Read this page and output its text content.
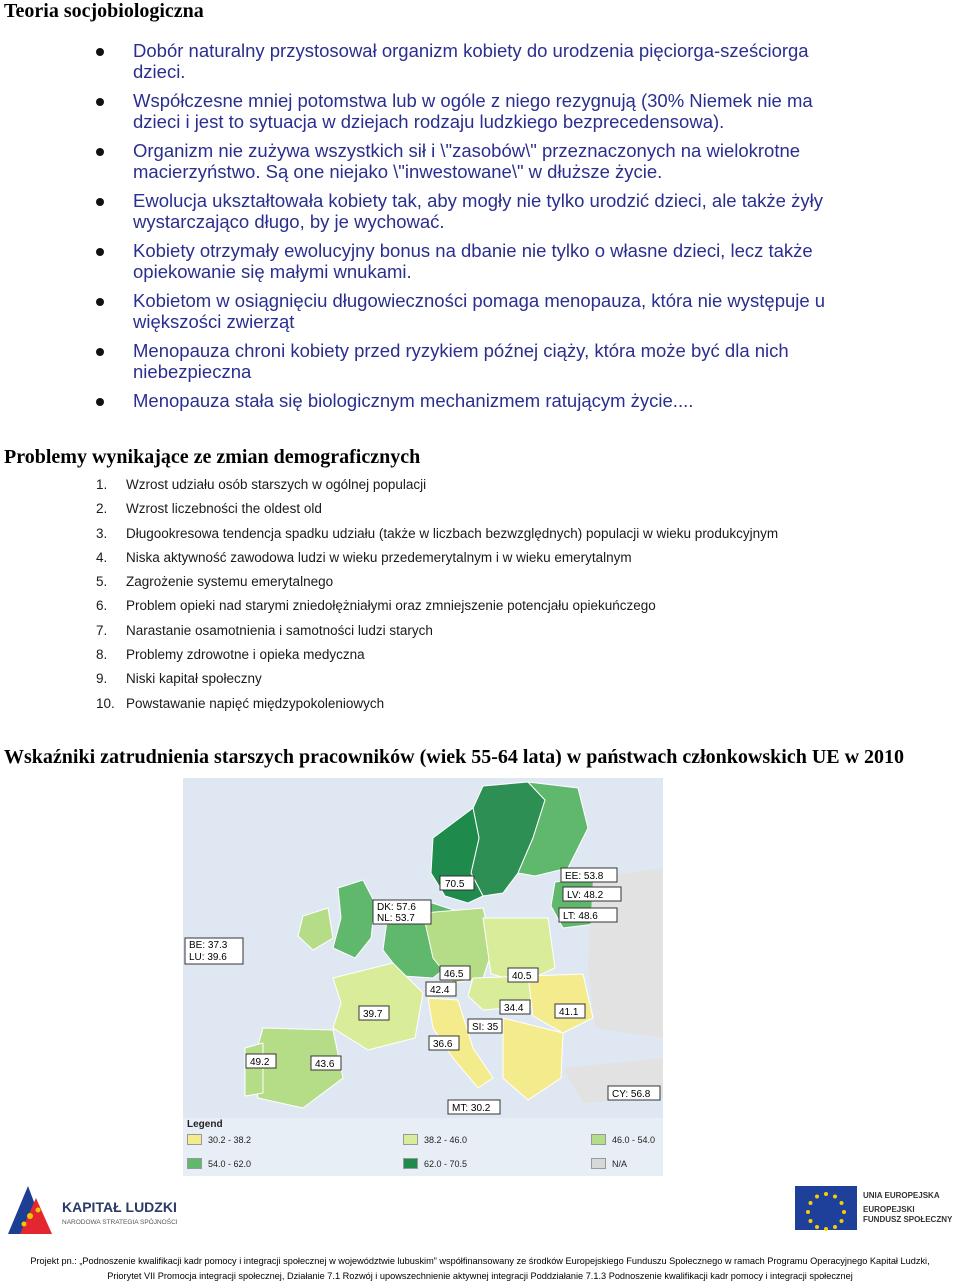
Teoria socjobiologiczna
Dobór naturalny przystosował organizm kobiety do urodzenia pięciorga-sześciorga dzieci.
Współczesne mniej potomstwa lub w ogóle z niego rezygnują (30% Niemek nie ma dzieci i jest to sytuacja w dziejach rodzaju ludzkiego bezprecedensowa).
Organizm nie zużywa wszystkich sił i \"zasobów\" przeznaczonych na wielokrotne macierzyństwo. Są one niejako \"inwestowane\" w dłuższe życie.
Ewolucja ukształtowała kobiety tak, aby mogły nie tylko urodzić dzieci, ale także żyły wystarczająco długo, by je wychować.
Kobiety otrzymały ewolucyjny bonus na dbanie nie tylko o własne dzieci, lecz także opiekowanie się małymi wnukami.
Kobietom w osiągnięciu długowieczności pomaga menopauza, która nie występuje u większości zwierząt
Menopauza chroni kobiety przed ryzykiem późnej ciąży, która może być dla nich niebezpieczna
Menopauza stała się biologicznym mechanizmem ratującym życie....
Problemy wynikające ze zmian demograficznych
1. Wzrost udziału osób starszych w ogólnej populacji
2. Wzrost liczebności the oldest old
3. Długookresowa tendencja spadku udziału (także w liczbach bezwzględnych) populacji w wieku produkcyjnym
4. Niska aktywność zawodowa ludzi w wieku przedemerytalnym i w wieku emerytalnym
5. Zagrożenie systemu emerytalnego
6. Problem opieki nad starymi zniedołężniałymi oraz zmniejszenie potencjału opiekuńczego
7. Narastanie osamotnienia i samotności ludzi starych
8. Problemy zdrowotne i opieka medyczna
9. Niski kapitał społeczny
10. Powstawanie napięć międzypokoleniowych
Wskaźniki zatrudnienia starszych pracowników (wiek 55-64 lata) w państwach członkowskich UE w 2010
70.5
DK: 57.6
NL: 53.7
EE: 53.8
LV: 48.2
LT: 48.6
BE: 37.3
LU: 39.6
46.5	40.5
42.4
39.7
34.4	41.1
SI: 35
36.6
49.2	43.6
MT: 30.2
CY: 56.8
Legend
30.2 - 38.2	38.2 - 46.0	46.0 - 54.0
54.0 - 62.0	62.0 - 70.5	N/A
KAPITAŁ LUDZKI
NARODOWA STRATEGIA SPÓJNOŚCI
UNIA EUROPEJSKA
EUROPEJSKI
FUNDUSZ SPOŁECZNY
Projekt pn.: „Podnoszenie kwalifikacji kadr pomocy i integracji społecznej w województwie lubuskim” współfinansowany ze środków Europejskiego Funduszu Społecznego w ramach Programu Operacyjnego Kapitał Ludzki,
Priorytet VII Promocja integracji społecznej, Działanie 7.1 Rozwój i upowszechnienie aktywnej integracji Poddziałanie 7.1.3 Podnoszenie kwalifikacji kadr pomocy i integracji społecznej
